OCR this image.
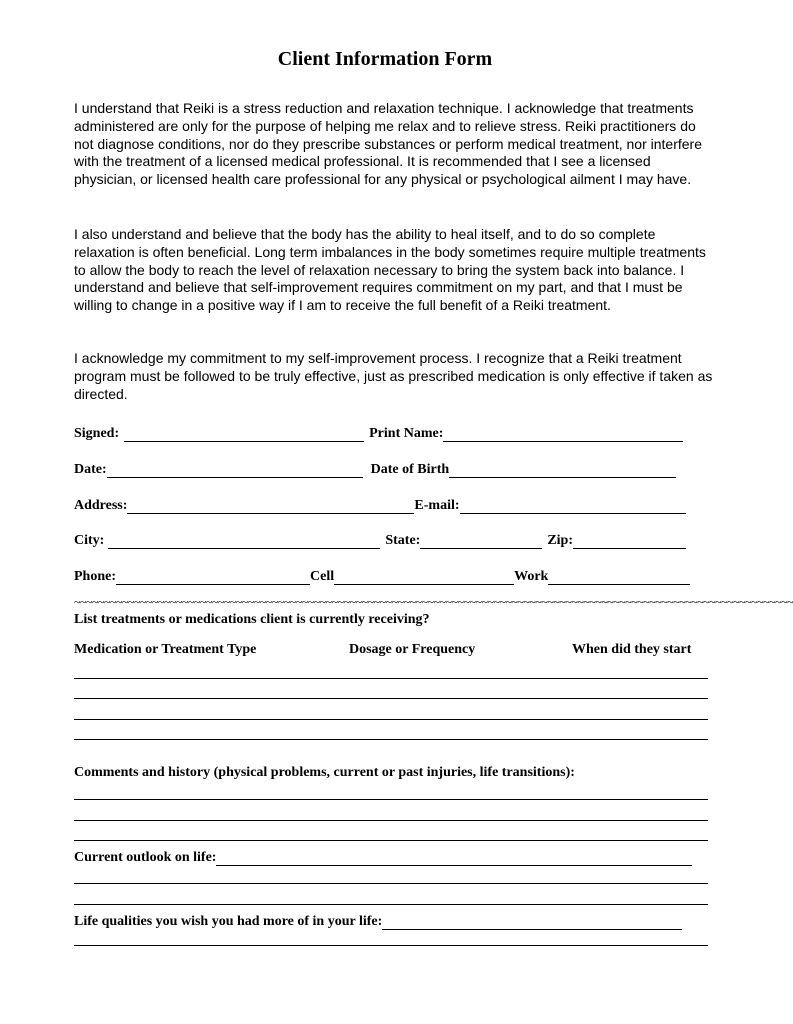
Client Information Form

I understand that Reiki is a stress reduction and relaxation technique. I acknowledge that treatments administered are only for the purpose of helping me relax and to relieve stress. Reiki practitioners do not diagnose conditions, nor do they prescribe substances or perform medical treatment, nor interfere with the treatment of a licensed medical professional. It is recommended that I see a licensed physician, or licensed health care professional for any physical or psychological ailment I may have.

I also understand and believe that the body has the ability to heal itself, and to do so complete relaxation is often beneficial. Long term imbalances in the body sometimes require multiple treatments to allow the body to reach the level of relaxation necessary to bring the system back into balance. I understand and believe that self-improvement requires commitment on my part, and that I must be willing to change in a positive way if I am to receive the full benefit of a Reiki treatment.

I acknowledge my commitment to my self-improvement process. I recognize that a Reiki treatment program must be followed to be truly effective, just as prescribed medication is only effective if taken as directed.

Signed:	Print Name:
Date:	Date of Birth
Address:	E-mail:
City:	State:	Zip:
Phone:	Cell	Work
~~~~~~~~~~~~~~~~~~~~~~~~~~~~~~~~~~~~~~~~~~~~~~~~~~~~~~~~~~~~~~~~~~~~~~~~~~~~~~~~~~~~~~~~~~~~~~~~~~~~~~~~~~~~~~~~~~~~~~~~
List treatments or medications client is currently receiving?
Medication or Treatment Type	Dosage or Frequency	When did they start
Comments and history (physical problems, current or past injuries, life transitions):
Current outlook on life:
Life qualities you wish you had more of in your life:
